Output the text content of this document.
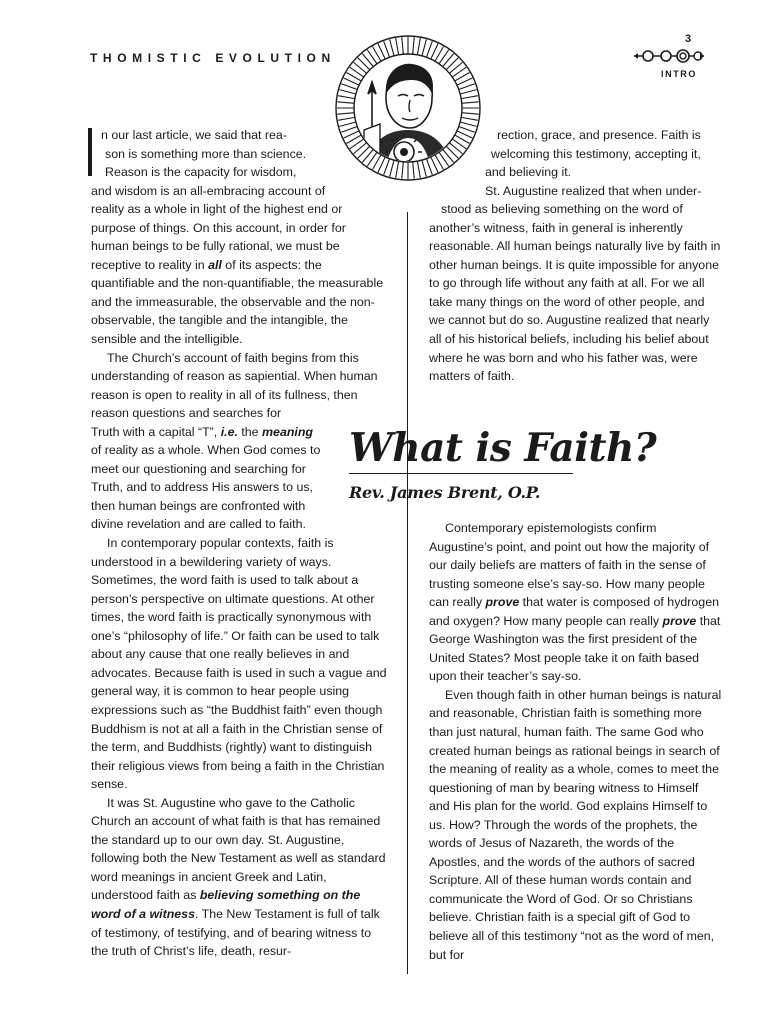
THOMISTIC EVOLUTION
3
INTRO

n our last article, we said that rea-
son is something more than science.
Reason is the capacity for wisdom,
and wisdom is an all-embracing account of
reality as a whole in light of the highest end or purpose of things. On this account, in order for human beings to be fully rational, we must be receptive to reality in all of its aspects: the quantifiable and the non-quantifiable, the measurable and the immeasurable, the observable and the non-observable, the tangible and the intangible, the sensible and the intelligible.

The Church’s account of faith begins from this understanding of reason as sapiential. When human reason is open to reality in all of its fullness, then reason questions and searches for

Truth with a capital “T”, i.e. the meaning
of reality as a whole. When God comes to
meet our questioning and searching for
Truth, and to address His answers to us,
then human beings are confronted with
divine revelation and are called to faith.

In contemporary popular contexts, faith is understood in a bewildering variety of ways. Sometimes, the word faith is used to talk about a person’s perspective on ultimate questions. At other times, the word faith is practically synonymous with one’s “philosophy of life.” Or faith can be used to talk about any cause that one really believes in and advocates. Because faith is used in such a vague and general way, it is common to hear people using expressions such as “the Buddhist faith” even though Buddhism is not at all a faith in the Christian sense of the term, and Buddhists (rightly) want to distinguish their religious views from being a faith in the Christian sense.

It was St. Augustine who gave to the Catholic Church an account of what faith is that has remained the standard up to our own day. St. Augustine, following both the New Testament as well as standard word meanings in ancient Greek and Latin, understood faith as believing something on the word of a witness. The New Testament is full of talk of testimony, of testifying, and of bearing witness to the truth of Christ’s life, death, resur-

rection, grace, and presence. Faith is
welcoming this testimony, accepting it,
and believing it.

St. Augustine realized that when under-
stood as believing something on the word of
another’s witness, faith in general is inherently reasonable. All human beings naturally live by faith in other human beings. It is quite impossible for anyone to go through life without any faith at all. For we all take many things on the word of other people, and we cannot but do so. Augustine realized that nearly all of his historical beliefs, including his belief about where he was born and who his father was, were matters of faith.

What is Faith?
Rev. James Brent, O.P.

Contemporary epistemologists confirm Augustine’s point, and point out how the majority of our daily beliefs are matters of faith in the sense of trusting someone else’s say-so. How many people can really prove that water is composed of hydrogen and oxygen? How many people can really prove that George Washington was the first president of the United States? Most people take it on faith based upon their teacher’s say-so.

Even though faith in other human beings is natural and reasonable, Christian faith is something more than just natural, human faith. The same God who created human beings as rational beings in search of the meaning of reality as a whole, comes to meet the questioning of man by bearing witness to Himself and His plan for the world. God explains Himself to us. How? Through the words of the prophets, the words of Jesus of Nazareth, the words of the Apostles, and the words of the authors of sacred Scripture. All of these human words contain and communicate the Word of God. Or so Christians believe. Christian faith is a special gift of God to believe all of this testimony “not as the word of men, but for
